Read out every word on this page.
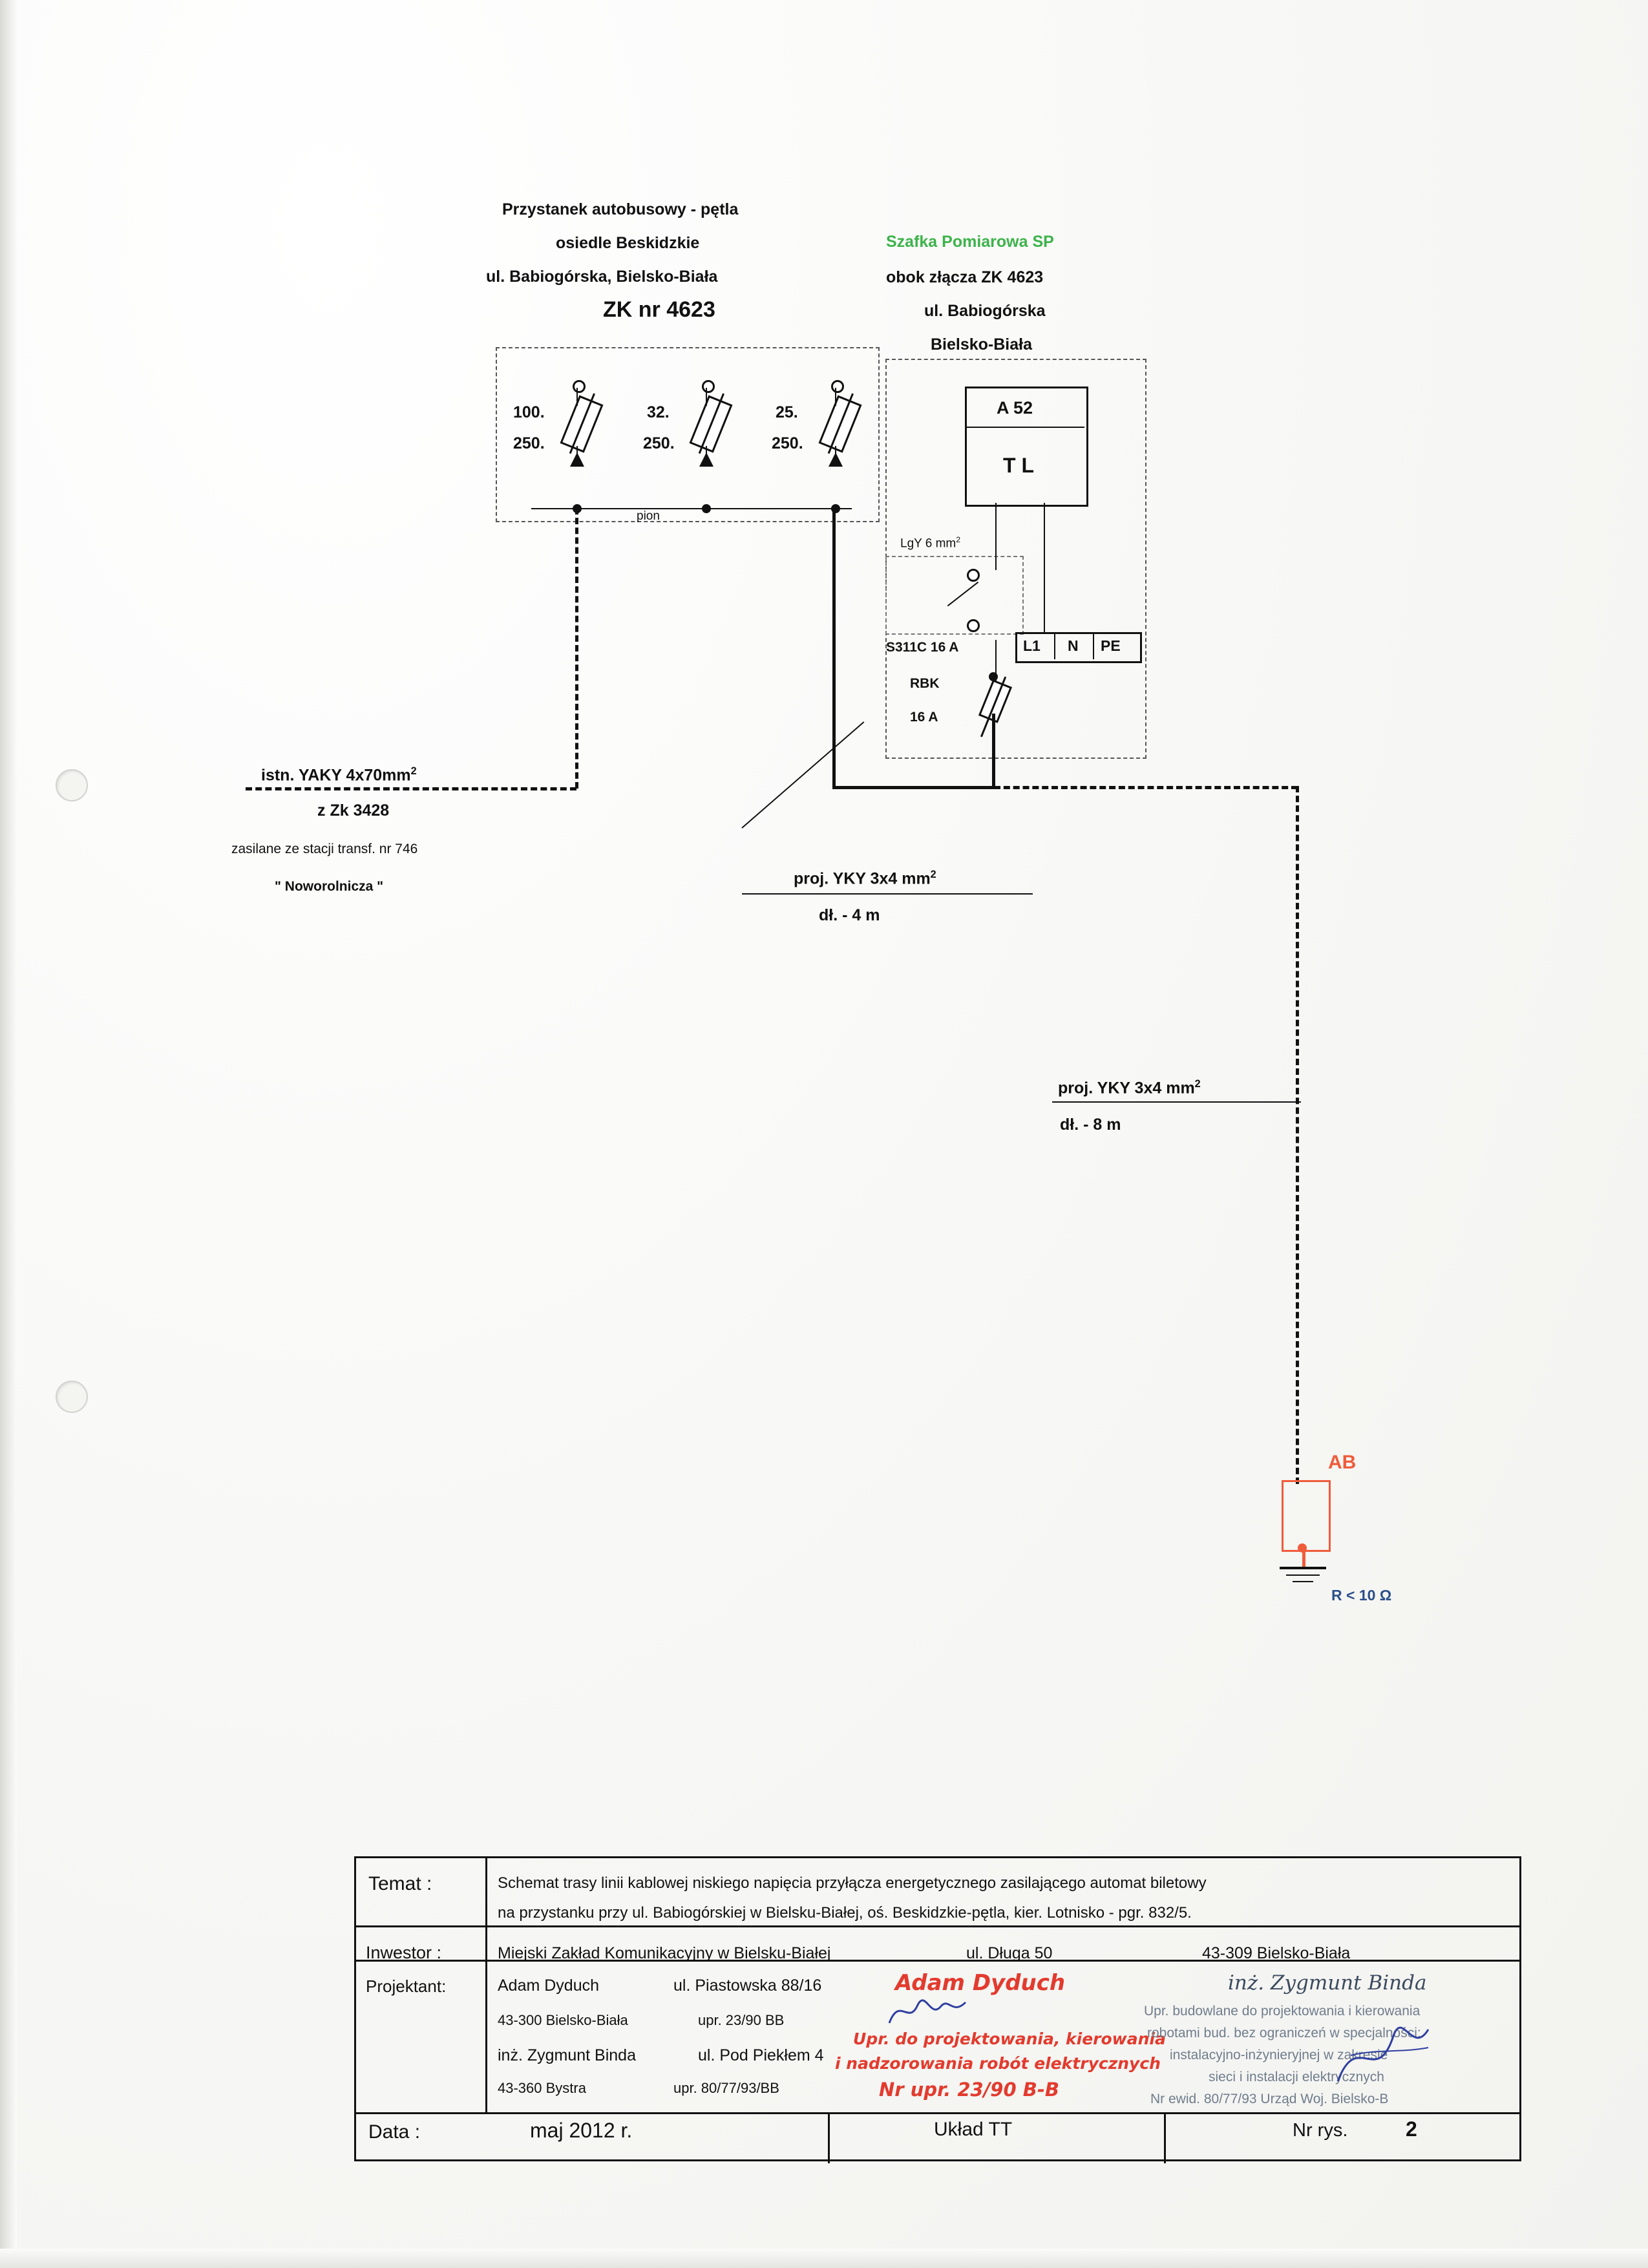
Przystanek autobusowy - pętla
osiedle Beskidzkie
ul. Babiogórska, Bielsko-Biała
ZK nr 4623
Szafka Pomiarowa SP
obok złącza ZK 4623
ul. Babiogórska
Bielsko-Biała
100.
250.
32.
250.
25.
250.
pion
A 52
T L
LgY 6 $mm^2$
S311C 16 A
RBK
16 A
L1 N PE
istn. YAKY $4x70mm^2$
z Zk 3428
zasilane ze stacji transf. nr 746
" Noworolnicza "	proj. YKY 3x4 $mm^2$
dł. - 4 m
proj. YKY 3x4 $mm^2$
dł. - 8 m
AB
R < 10 Ω
Temat :	Schemat trasy linii kablowej niskiego napięcia przyłącza energetycznego zasilającego automat biletowy
na przystanku przy ul. Babiogórskiej w Bielsku-Białej, oś. Beskidzkie-pętla, kier. Lotnisko - pgr. 832/5.
Inwestor :	Miejski Zakład Komunikacyjny w Bielsku-Białej	ul. Długa 50	43-309 Bielsko-Biała
Projektant:	Adam Dyduch	ul. Piastowska 88/16
43-300 Bielsko-Biała	upr. 23/90 BB
inż. Zygmunt Binda	ul. Pod Piekłem 4
43-360 Bystra	upr. 80/77/93/BB
Data :	maj 2012 r.	Układ TT	Nr rys.	2
Adam Dyduch
Upr. do projektowania, kierowania
i nadzorowania robót elektrycznych
Nr upr. 23/90 B-B

inż. Zygmunt Binda
Upr. budowlane do projektowania i kierowania
robotami bud. bez ograniczeń w specjalności:
instalacyjno-inżynieryjnej w zakresie
sieci i instalacji elektrycznych
Nr ewid. 80/77/93 Urząd Woj. Bielsko-B
